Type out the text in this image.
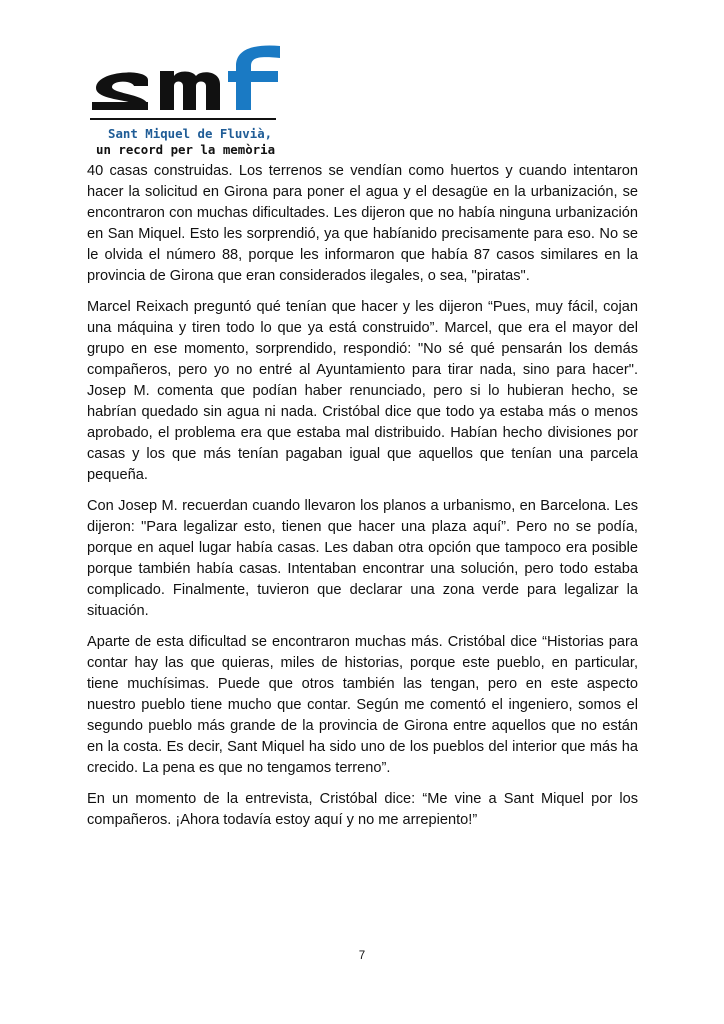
Sant Miquel de Fluvià,
un record per la memòria

40 casas construidas. Los terrenos se vendían como huertos y cuando intentaron hacer la solicitud en Girona para poner el agua y el desagüe en la urbanización, se encontraron con muchas dificultades. Les dijeron que no había ninguna urbanización en San Miquel. Esto les sorprendió, ya que habíanido precisamente para eso. No se le olvida el número 88, porque les informaron que había 87 casos similares en la provincia de Girona que eran considerados ilegales, o sea, "piratas".

Marcel Reixach preguntó qué tenían que hacer y les dijeron “Pues, muy fácil, cojan una máquina y tiren todo lo que ya está construido”. Marcel, que era el mayor del grupo en ese momento, sorprendido, respondió: "No sé qué pensarán los demás compañeros, pero yo no entré al Ayuntamiento para tirar nada, sino para hacer". Josep M. comenta que podían haber renunciado, pero si lo hubieran hecho, se habrían quedado sin agua ni nada. Cristóbal dice que todo ya estaba más o menos aprobado, el problema era que estaba mal distribuido. Habían hecho divisiones por casas y los que más tenían pagaban igual que aquellos que tenían una parcela pequeña.

Con Josep M. recuerdan cuando llevaron los planos a urbanismo, en Barcelona. Les dijeron: "Para legalizar esto, tienen que hacer una plaza aquí”. Pero no se podía, porque en aquel lugar había casas. Les daban otra opción que tampoco era posible porque también había casas. Intentaban encontrar una solución, pero todo estaba complicado. Finalmente, tuvieron que declarar una zona verde para legalizar la situación.

Aparte de esta dificultad se encontraron muchas más. Cristóbal dice “Historias para contar hay las que quieras, miles de historias, porque este pueblo, en particular, tiene muchísimas. Puede que otros también las tengan, pero en este aspecto nuestro pueblo tiene mucho que contar. Según me comentó el ingeniero, somos el segundo pueblo más grande de la provincia de Girona entre aquellos que no están en la costa. Es decir, Sant Miquel ha sido uno de los pueblos del interior que más ha crecido. La pena es que no tengamos terreno”.

En un momento de la entrevista, Cristóbal dice: “Me vine a Sant Miquel por los compañeros. ¡Ahora todavía estoy aquí y no me arrepiento!”

7
